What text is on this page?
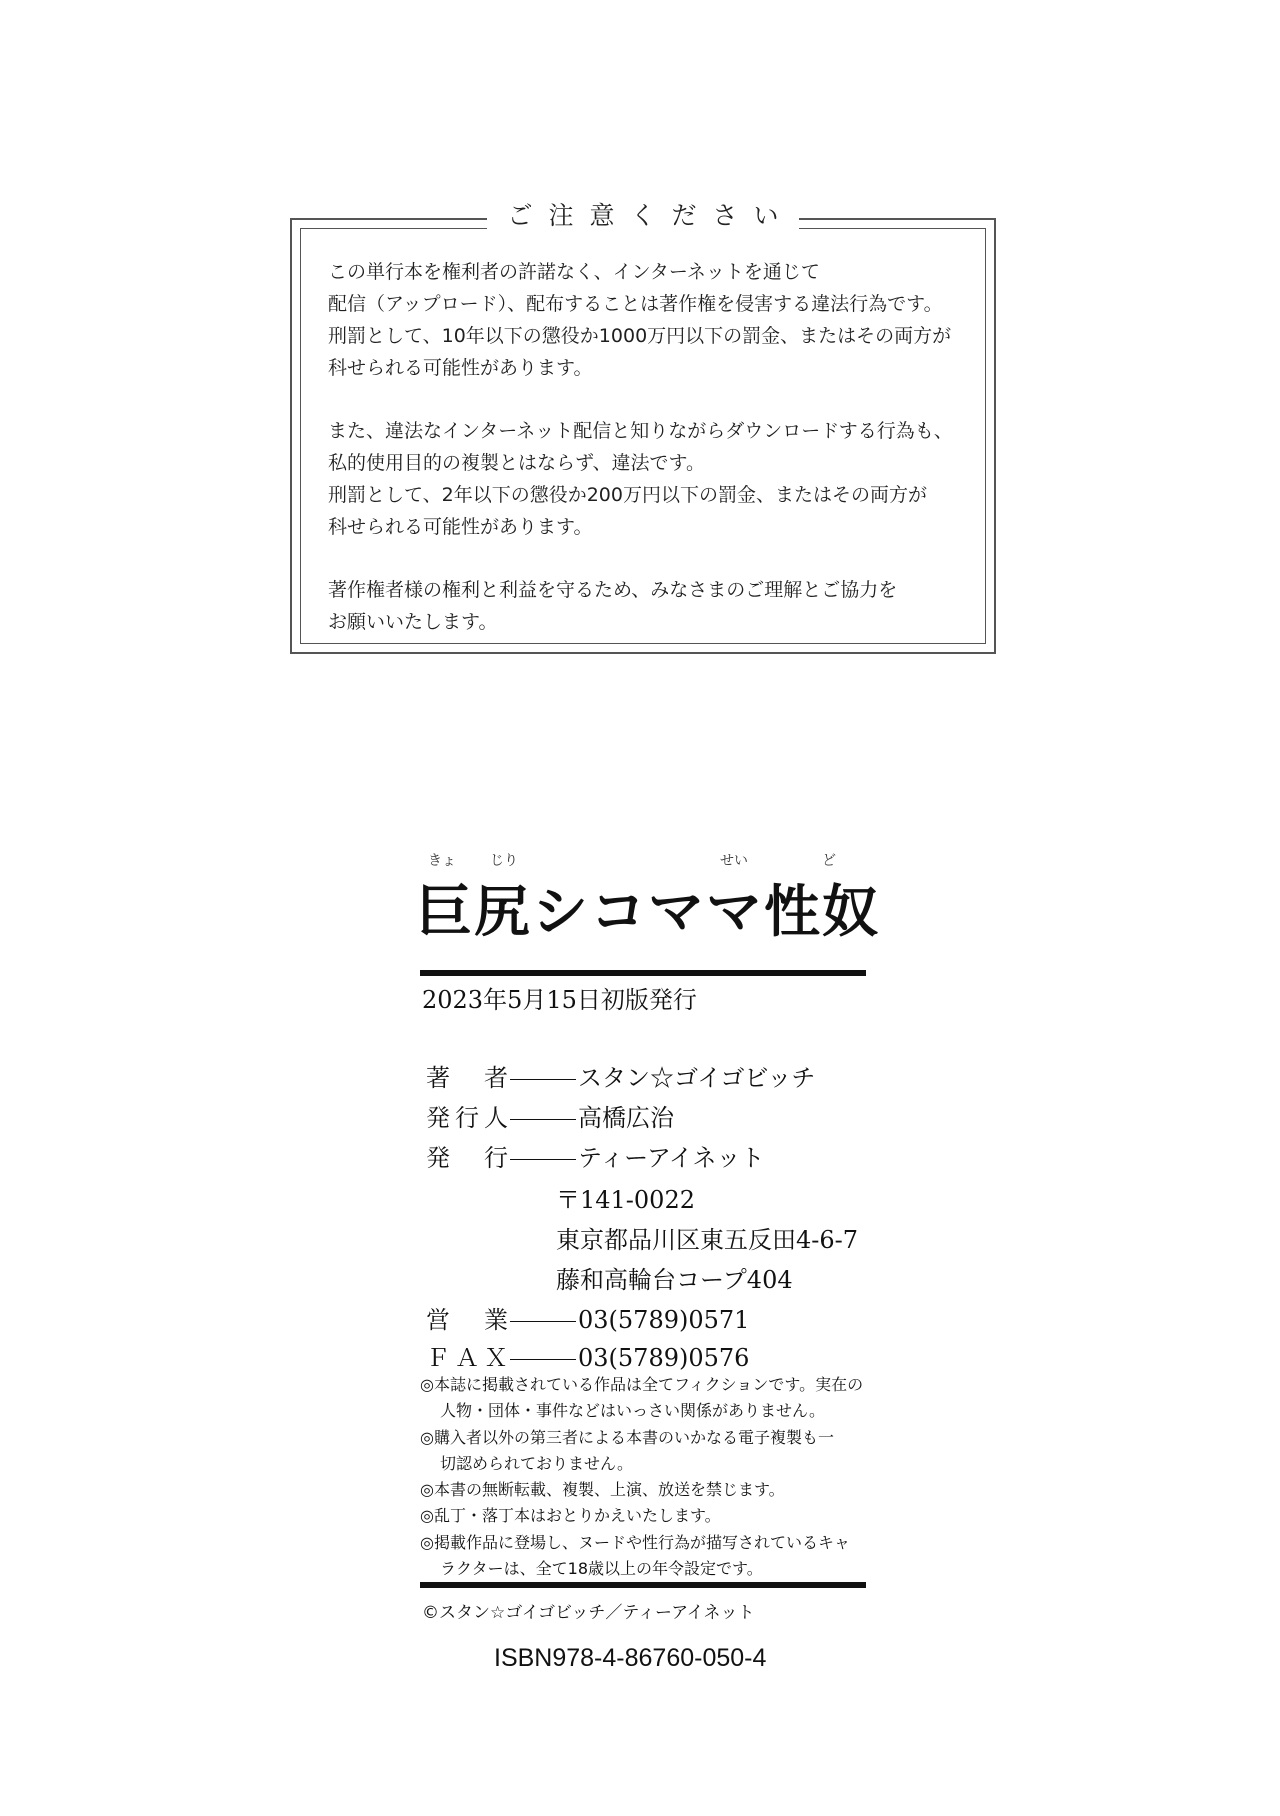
ご注意ください

この単行本を権利者の許諾なく、インターネットを通じて
配信（アップロード）、配布することは著作権を侵害する違法行為です。
刑罰として、10年以下の懲役か1000万円以下の罰金、またはその両方が
科せられる可能性があります。

また、違法なインターネット配信と知りながらダウンロードする行為も、
私的使用目的の複製とはならず、違法です。
刑罰として、2年以下の懲役か200万円以下の罰金、またはその両方が
科せられる可能性があります。

著作権者様の権利と利益を守るため、みなさまのご理解とご協力を
お願いいたします。

きょ じり	せい	ど
巨尻シコママ性奴
2023年5月15日初版発行
著 者	スタン☆ゴイゴビッチ
発行人	高橋広治
発 行	ティーアイネット
〒141-0022
東京都品川区東五反田4-6-7
藤和高輪台コープ404
営 業	03(5789)0571
ＦＡＸ	03(5789)0576
◎本誌に掲載されている作品は全てフィクションです。実在の
人物・団体・事件などはいっさい関係がありません。
◎購入者以外の第三者による本書のいかなる電子複製も一
切認められておりません。
◎本書の無断転載、複製、上演、放送を禁じます。
◎乱丁・落丁本はおとりかえいたします。
◎掲載作品に登場し、ヌードや性行為が描写されているキャ
ラクターは、全て18歳以上の年令設定です。
©スタン☆ゴイゴビッチ／ティーアイネット
ISBN978-4-86760-050-4
